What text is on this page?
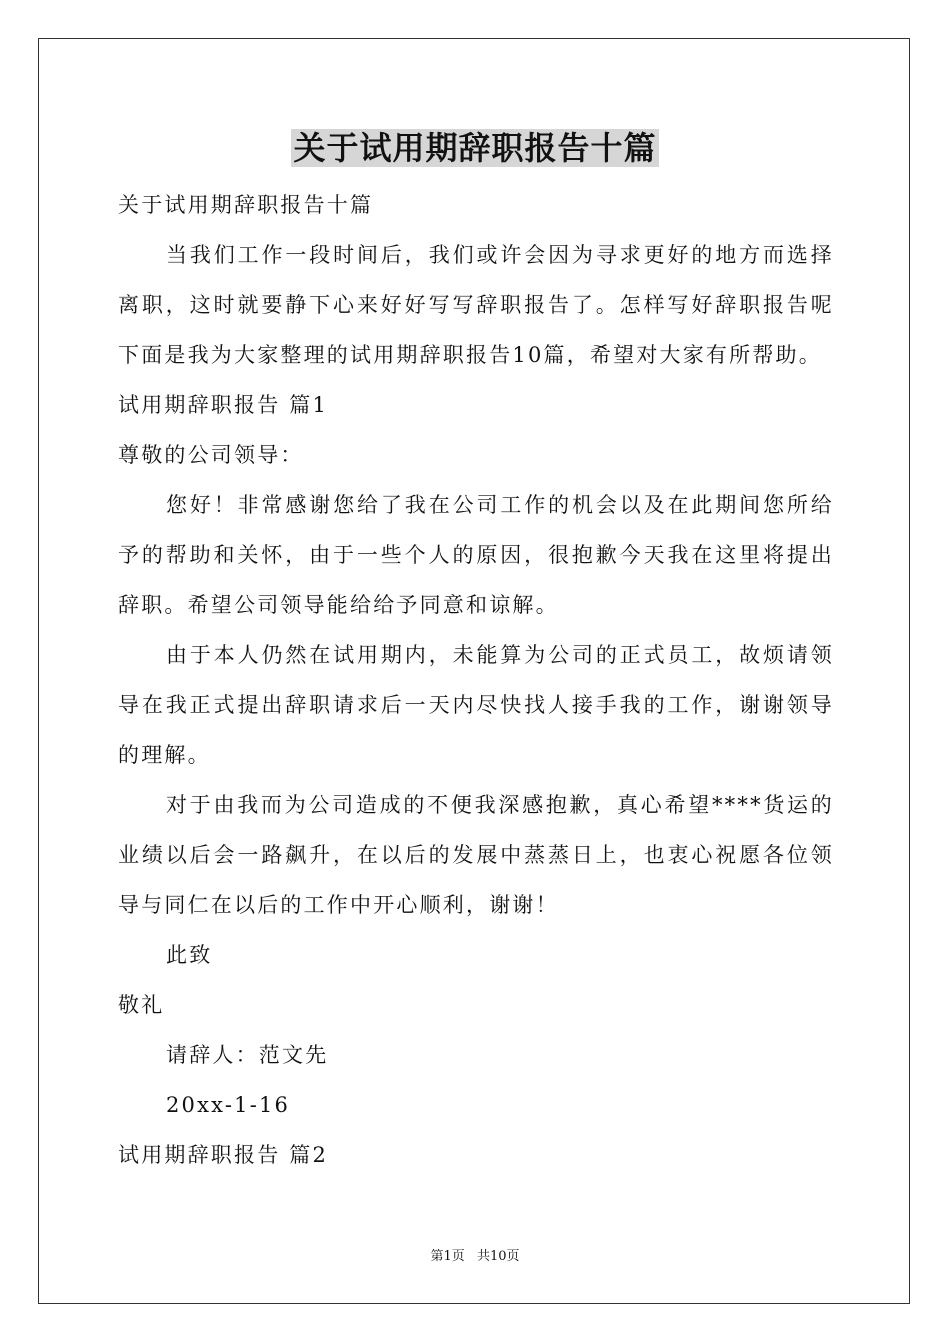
关于试用期辞职报告十篇

关于试用期辞职报告十篇

当我们工作一段时间后，我们或许会因为寻求更好的地方而选择离职，这时就要静下心来好好写写辞职报告了。怎样写好辞职报告呢下面是我为大家整理的试用期辞职报告10篇，希望对大家有所帮助。

试用期辞职报告 篇1

尊敬的公司领导：

您好！非常感谢您给了我在公司工作的机会以及在此期间您所给予的帮助和关怀，由于一些个人的原因，很抱歉今天我在这里将提出辞职。希望公司领导能给给予同意和谅解。

由于本人仍然在试用期内，未能算为公司的正式员工，故烦请领导在我正式提出辞职请求后一天内尽快找人接手我的工作，谢谢领导的理解。

对于由我而为公司造成的不便我深感抱歉，真心希望****货运的业绩以后会一路飙升，在以后的发展中蒸蒸日上，也衷心祝愿各位领导与同仁在以后的工作中开心顺利，谢谢！

此致

敬礼

请辞人：范文先

20xx-1-16

试用期辞职报告 篇2

第1页 共10页
